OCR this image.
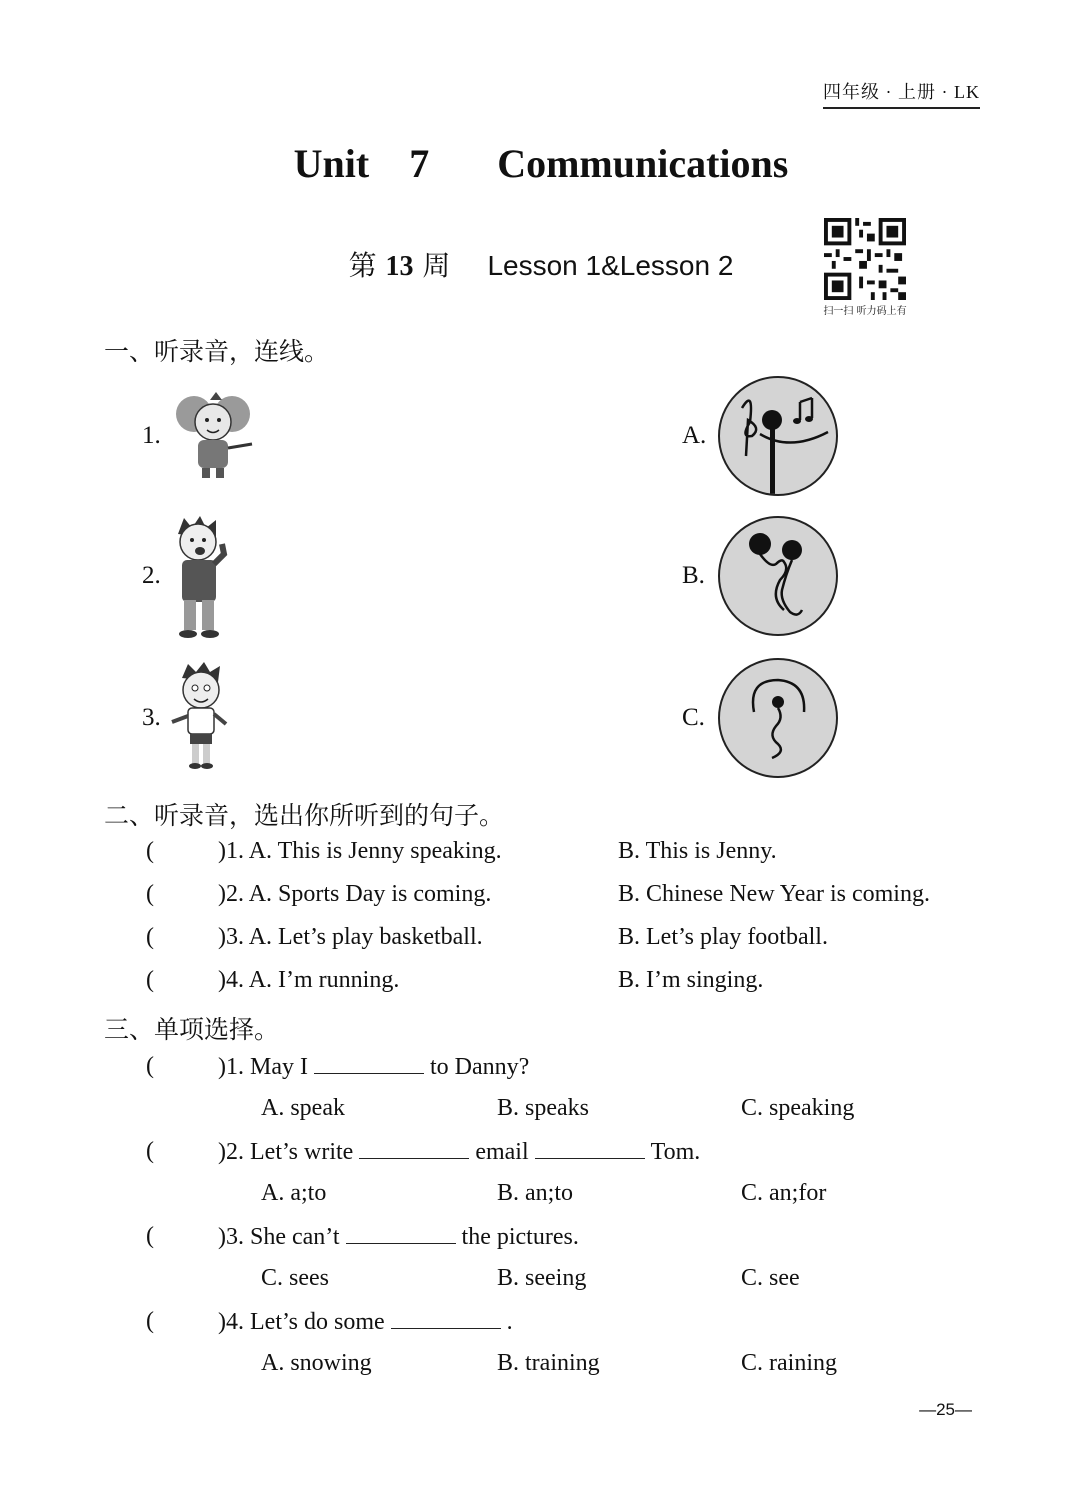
四年级 · 上册 · LK
Unit 7 Communications
第 13 周 Lesson 1&Lesson 2
扫一扫 听力码上有
一、听录音，连线。
1.
2.
3.
A.
B.
C.
二、听录音，选出你所听到的句子。
(	)1. A. This is Jenny speaking.	B. This is Jenny.
(	)2. A. Sports Day is coming.	B. Chinese New Year is coming.
(	)3. A. Let’s play basketball.	B. Let’s play football.
(	)4. A. I’m running.	B. I’m singing.
三、单项选择。
(	)1. May I	to Danny?
A. speak	B. speaks	C. speaking
(	)2. Let’s write	email	Tom.
A. a;to	B. an;to	C. an;for
(	)3. She can’t	the pictures.
C. sees	B. seeing	C. see
(	)4. Let’s do some	.
A. snowing	B. training	C. raining
—25—
